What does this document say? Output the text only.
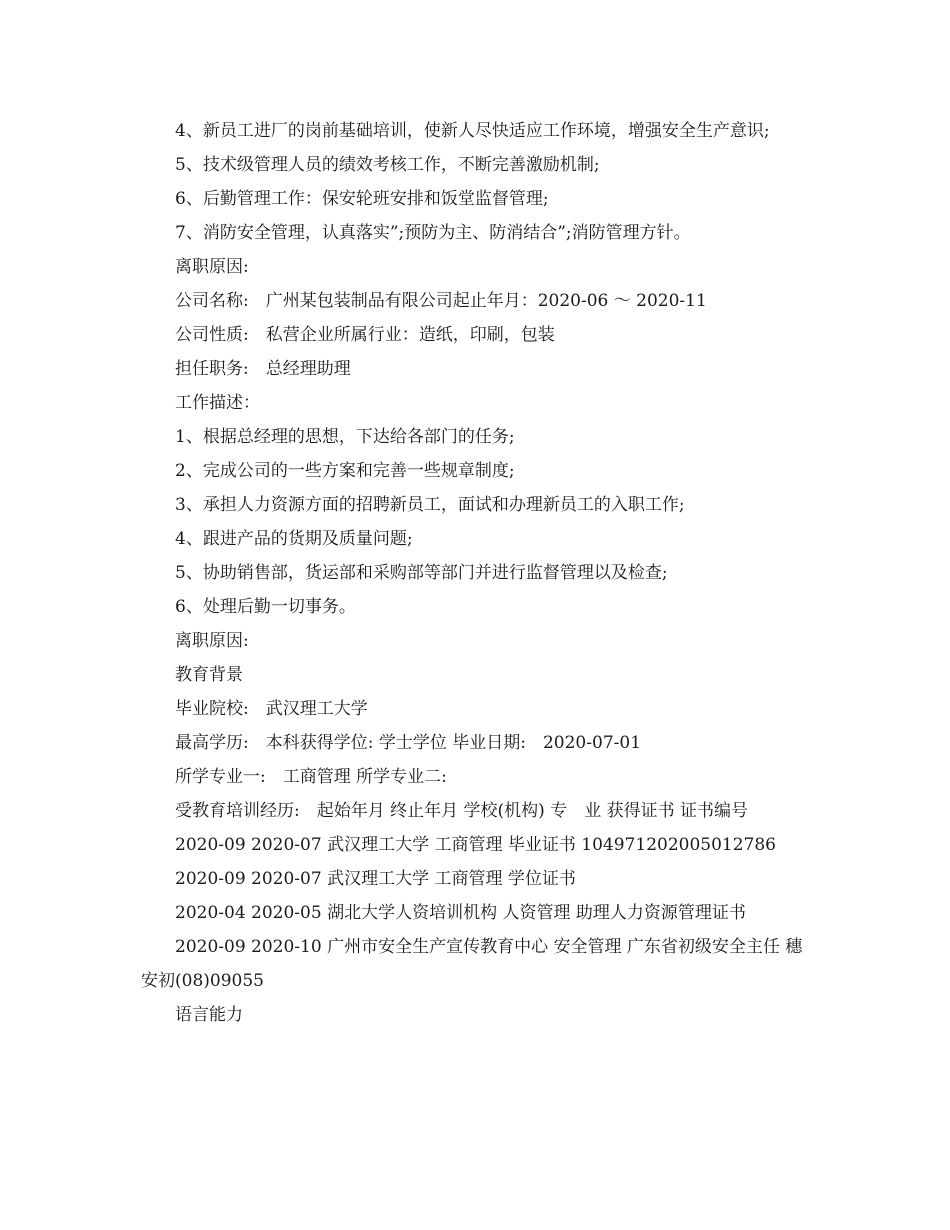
4、新员工进厂的岗前基础培训，使新人尽快适应工作环境，增强安全生产意识;

5、技术级管理人员的绩效考核工作，不断完善激励机制;

6、后勤管理工作：保安轮班安排和饭堂监督管理;

7、消防安全管理，认真落实”;预防为主、防消结合”;消防管理方针。

离职原因:

公司名称:　广州某包装制品有限公司起止年月：2020-06 ～ 2020-11

公司性质:　私营企业所属行业：造纸，印刷，包装

担任职务:　总经理助理

工作描述：

1、根据总经理的思想，下达给各部门的任务;

2、完成公司的一些方案和完善一些规章制度;

3、承担人力资源方面的招聘新员工，面试和办理新员工的入职工作;

4、跟进产品的货期及质量问题;

5、协助销售部，货运部和采购部等部门并进行监督管理以及检查;

6、处理后勤一切事务。

离职原因:

教育背景

毕业院校:　武汉理工大学

最高学历:　本科获得学位: 学士学位 毕业日期:　2020-07-01

所学专业一:　工商管理 所学专业二:

受教育培训经历:　起始年月 终止年月 学校(机构) 专　业 获得证书 证书编号

2020-09 2020-07 武汉理工大学 工商管理 毕业证书 104971202005012786

2020-09 2020-07 武汉理工大学 工商管理 学位证书

2020-04 2020-05 湖北大学人资培训机构 人资管理 助理人力资源管理证书

2020-09 2020-10 广州市安全生产宣传教育中心 安全管理 广东省初级安全主任 穗安初(08)09055

语言能力
